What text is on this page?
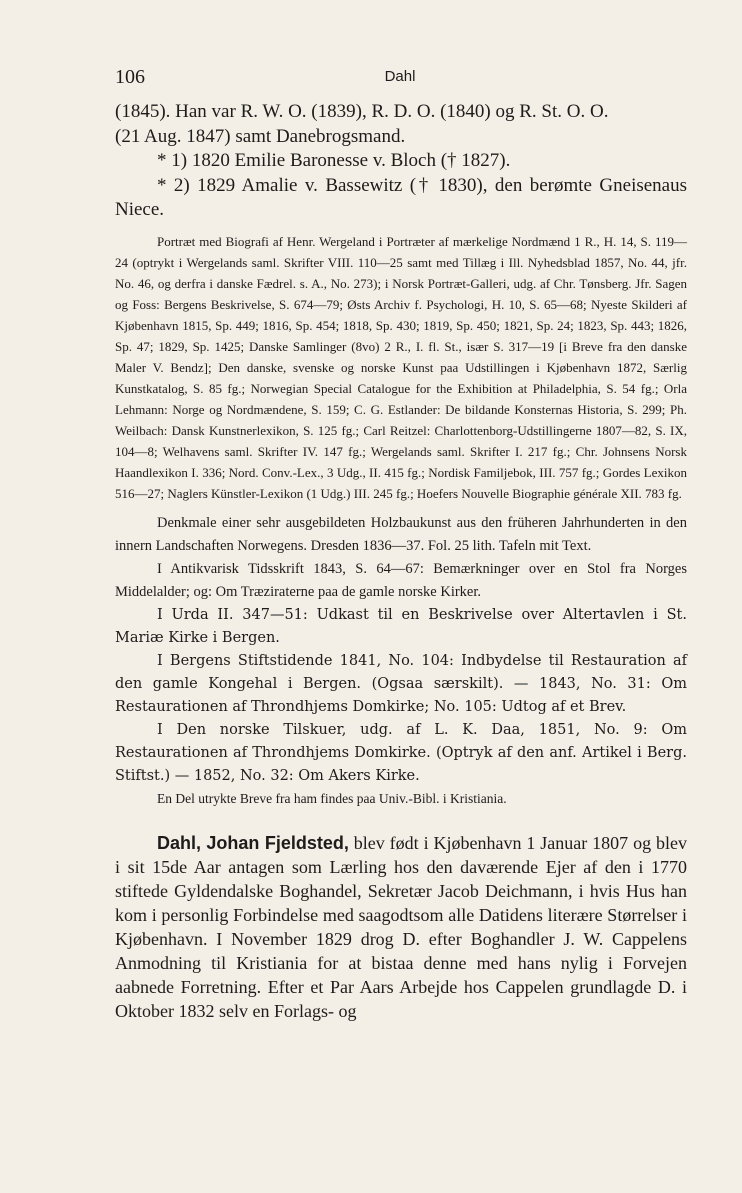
106	Dahl

(1845). Han var R. W. O. (1839), R. D. O. (1840) og R. St. O. O.

(21 Aug. 1847) samt Danebrogsmand.

* 1) 1820 Emilie Baronesse v. Bloch († 1827).

* 2) 1829 Amalie v. Bassewitz († 1830), den berømte Gneisenaus Niece.

Portræt med Biografi af Henr. Wergeland i Portræter af mærkelige Nordmænd 1 R., H. 14, S. 119—24 (optrykt i Wergelands saml. Skrifter VIII. 110—25 samt med Tillæg i Ill. Nyhedsblad 1857, No. 44, jfr. No. 46, og derfra i danske Fædrel. s. A., No. 273); i Norsk Portræt-Galleri, udg. af Chr. Tønsberg. Jfr. Sagen og Foss: Bergens Beskrivelse, S. 674—79; Østs Archiv f. Psychologi, H. 10, S. 65—68; Nyeste Skilderi af Kjøbenhavn 1815, Sp. 449; 1816, Sp. 454; 1818, Sp. 430; 1819, Sp. 450; 1821, Sp. 24; 1823, Sp. 443; 1826, Sp. 47; 1829, Sp. 1425; Danske Samlinger (8vo) 2 R., I. fl. St., især S. 317—19 [i Breve fra den danske Maler V. Bendz]; Den danske, svenske og norske Kunst paa Udstillingen i Kjøbenhavn 1872, Særlig Kunstkatalog, S. 85 fg.; Norwegian Special Catalogue for the Exhibition at Philadelphia, S. 54 fg.; Orla Lehmann: Norge og Nordmændene, S. 159; C. G. Estlander: De bildande Konsternas Historia, S. 299; Ph. Weilbach: Dansk Kunstnerlexikon, S. 125 fg.; Carl Reitzel: Charlottenborg-Udstillingerne 1807—82, S. IX, 104—8; Welhavens saml. Skrifter IV. 147 fg.; Wergelands saml. Skrifter I. 217 fg.; Chr. Johnsens Norsk Haandlexikon I. 336; Nord. Conv.-Lex., 3 Udg., II. 415 fg.; Nordisk Familjebok, III. 757 fg.; Gordes Lexikon 516—27; Naglers Künstler-Lexikon (1 Udg.) III. 245 fg.; Hoefers Nouvelle Biographie générale XII. 783 fg.

Denkmale einer sehr ausgebildeten Holzbaukunst aus den früheren Jahrhunderten in den innern Landschaften Norwegens. Dresden 1836—37. Fol. 25 lith. Tafeln mit Text.

I Antikvarisk Tidsskrift 1843, S. 64—67: Bemærkninger over en Stol fra Norges Middelalder; og: Om Træziraterne paa de gamle norske Kirker.

I Urda II. 347—51: Udkast til en Beskrivelse over Altertavlen i St. Mariæ Kirke i Bergen.

I Bergens Stiftstidende 1841, No. 104: Indbydelse til Restauration af den gamle Kongehal i Bergen. (Ogsaa særskilt). — 1843, No. 31: Om Restaurationen af Throndhjems Domkirke; No. 105: Udtog af et Brev.

I Den norske Tilskuer, udg. af L. K. Daa, 1851, No. 9: Om Restaurationen af Throndhjems Domkirke. (Optryk af den anf. Artikel i Berg. Stiftst.) — 1852, No. 32: Om Akers Kirke.

En Del utrykte Breve fra ham findes paa Univ.-Bibl. i Kristiania.

Dahl, Johan Fjeldsted, blev født i Kjøbenhavn 1 Januar 1807 og blev i sit 15de Aar antagen som Lærling hos den daværende Ejer af den i 1770 stiftede Gyldendalske Boghandel, Sekretær Jacob Deichmann, i hvis Hus han kom i personlig Forbindelse med saagodtsom alle Datidens literære Størrelser i Kjøbenhavn. I November 1829 drog D. efter Boghandler J. W. Cappelens Anmodning til Kristiania for at bistaa denne med hans nylig i Forvejen aabnede Forretning. Efter et Par Aars Arbejde hos Cappelen grundlagde D. i Oktober 1832 selv en Forlags- og
